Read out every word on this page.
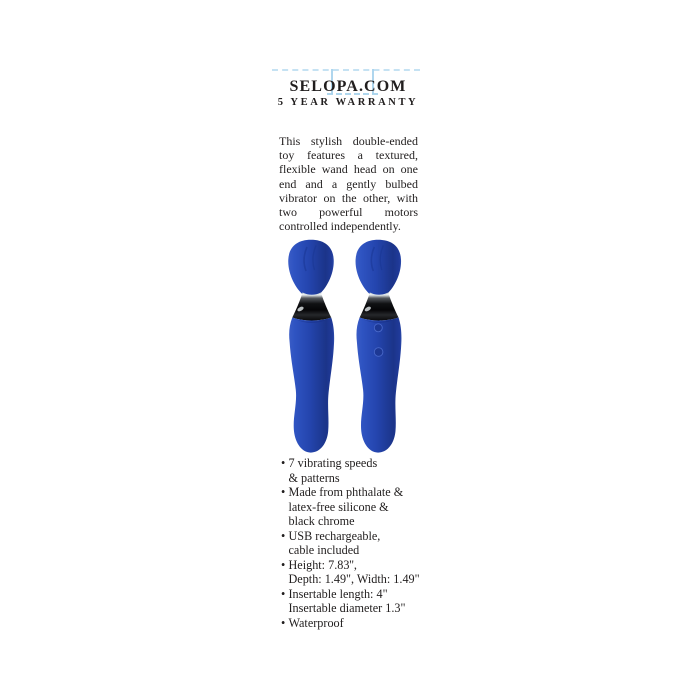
SELOPA.COM
5 YEAR WARRANTY
This stylish double-ended
toy features a textured,
flexible wand head on one
end and a gently bulbed
vibrator on the other, with
two powerful motors
controlled independently.
• 7 vibrating speeds
& patterns
• Made from phthalate &
latex-free silicone &
black chrome
• USB rechargeable,
cable included
• Height: 7.83'',
Depth: 1.49", Width: 1.49"
• Insertable length: 4"
Insertable diameter 1.3"
• Waterproof
